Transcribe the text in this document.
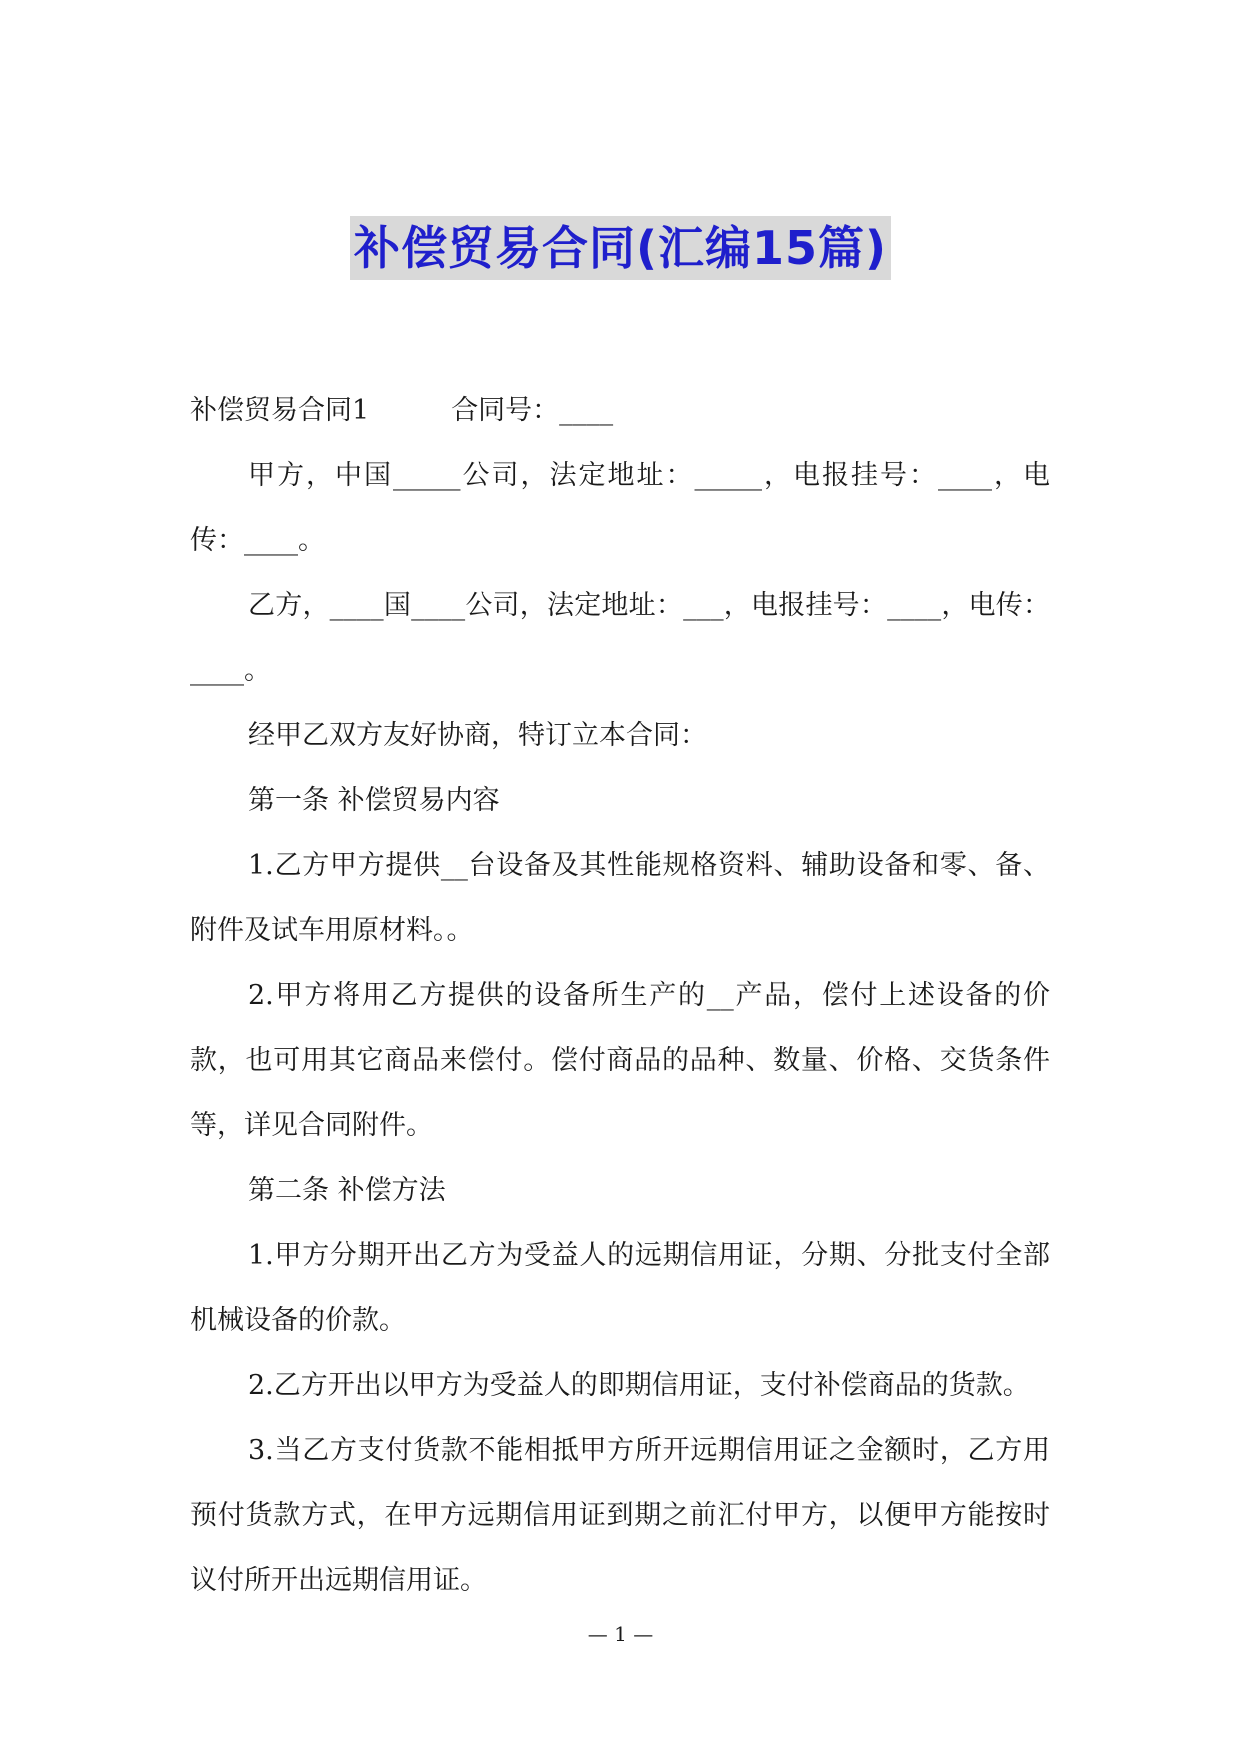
补偿贸易合同(汇编15篇)

补偿贸易合同1	合同号：____

甲方，中国_____公司，法定地址：_____，电报挂号：____，电传：____。

乙方，____国____公司，法定地址：___，电报挂号：____，电传：____。

经甲乙双方友好协商，特订立本合同：

第一条 补偿贸易内容

1.乙方甲方提供__台设备及其性能规格资料、辅助设备和零、备、附件及试车用原材料。。

2.甲方将用乙方提供的设备所生产的__产品，偿付上述设备的价款，也可用其它商品来偿付。偿付商品的品种、数量、价格、交货条件等，详见合同附件。

第二条 补偿方法

1.甲方分期开出乙方为受益人的远期信用证，分期、分批支付全部机械设备的价款。

2.乙方开出以甲方为受益人的即期信用证，支付补偿商品的货款。

3.当乙方支付货款不能相抵甲方所开远期信用证之金额时，乙方用预付货款方式，在甲方远期信用证到期之前汇付甲方，以便甲方能按时议付所开出远期信用证。

— 1 —
